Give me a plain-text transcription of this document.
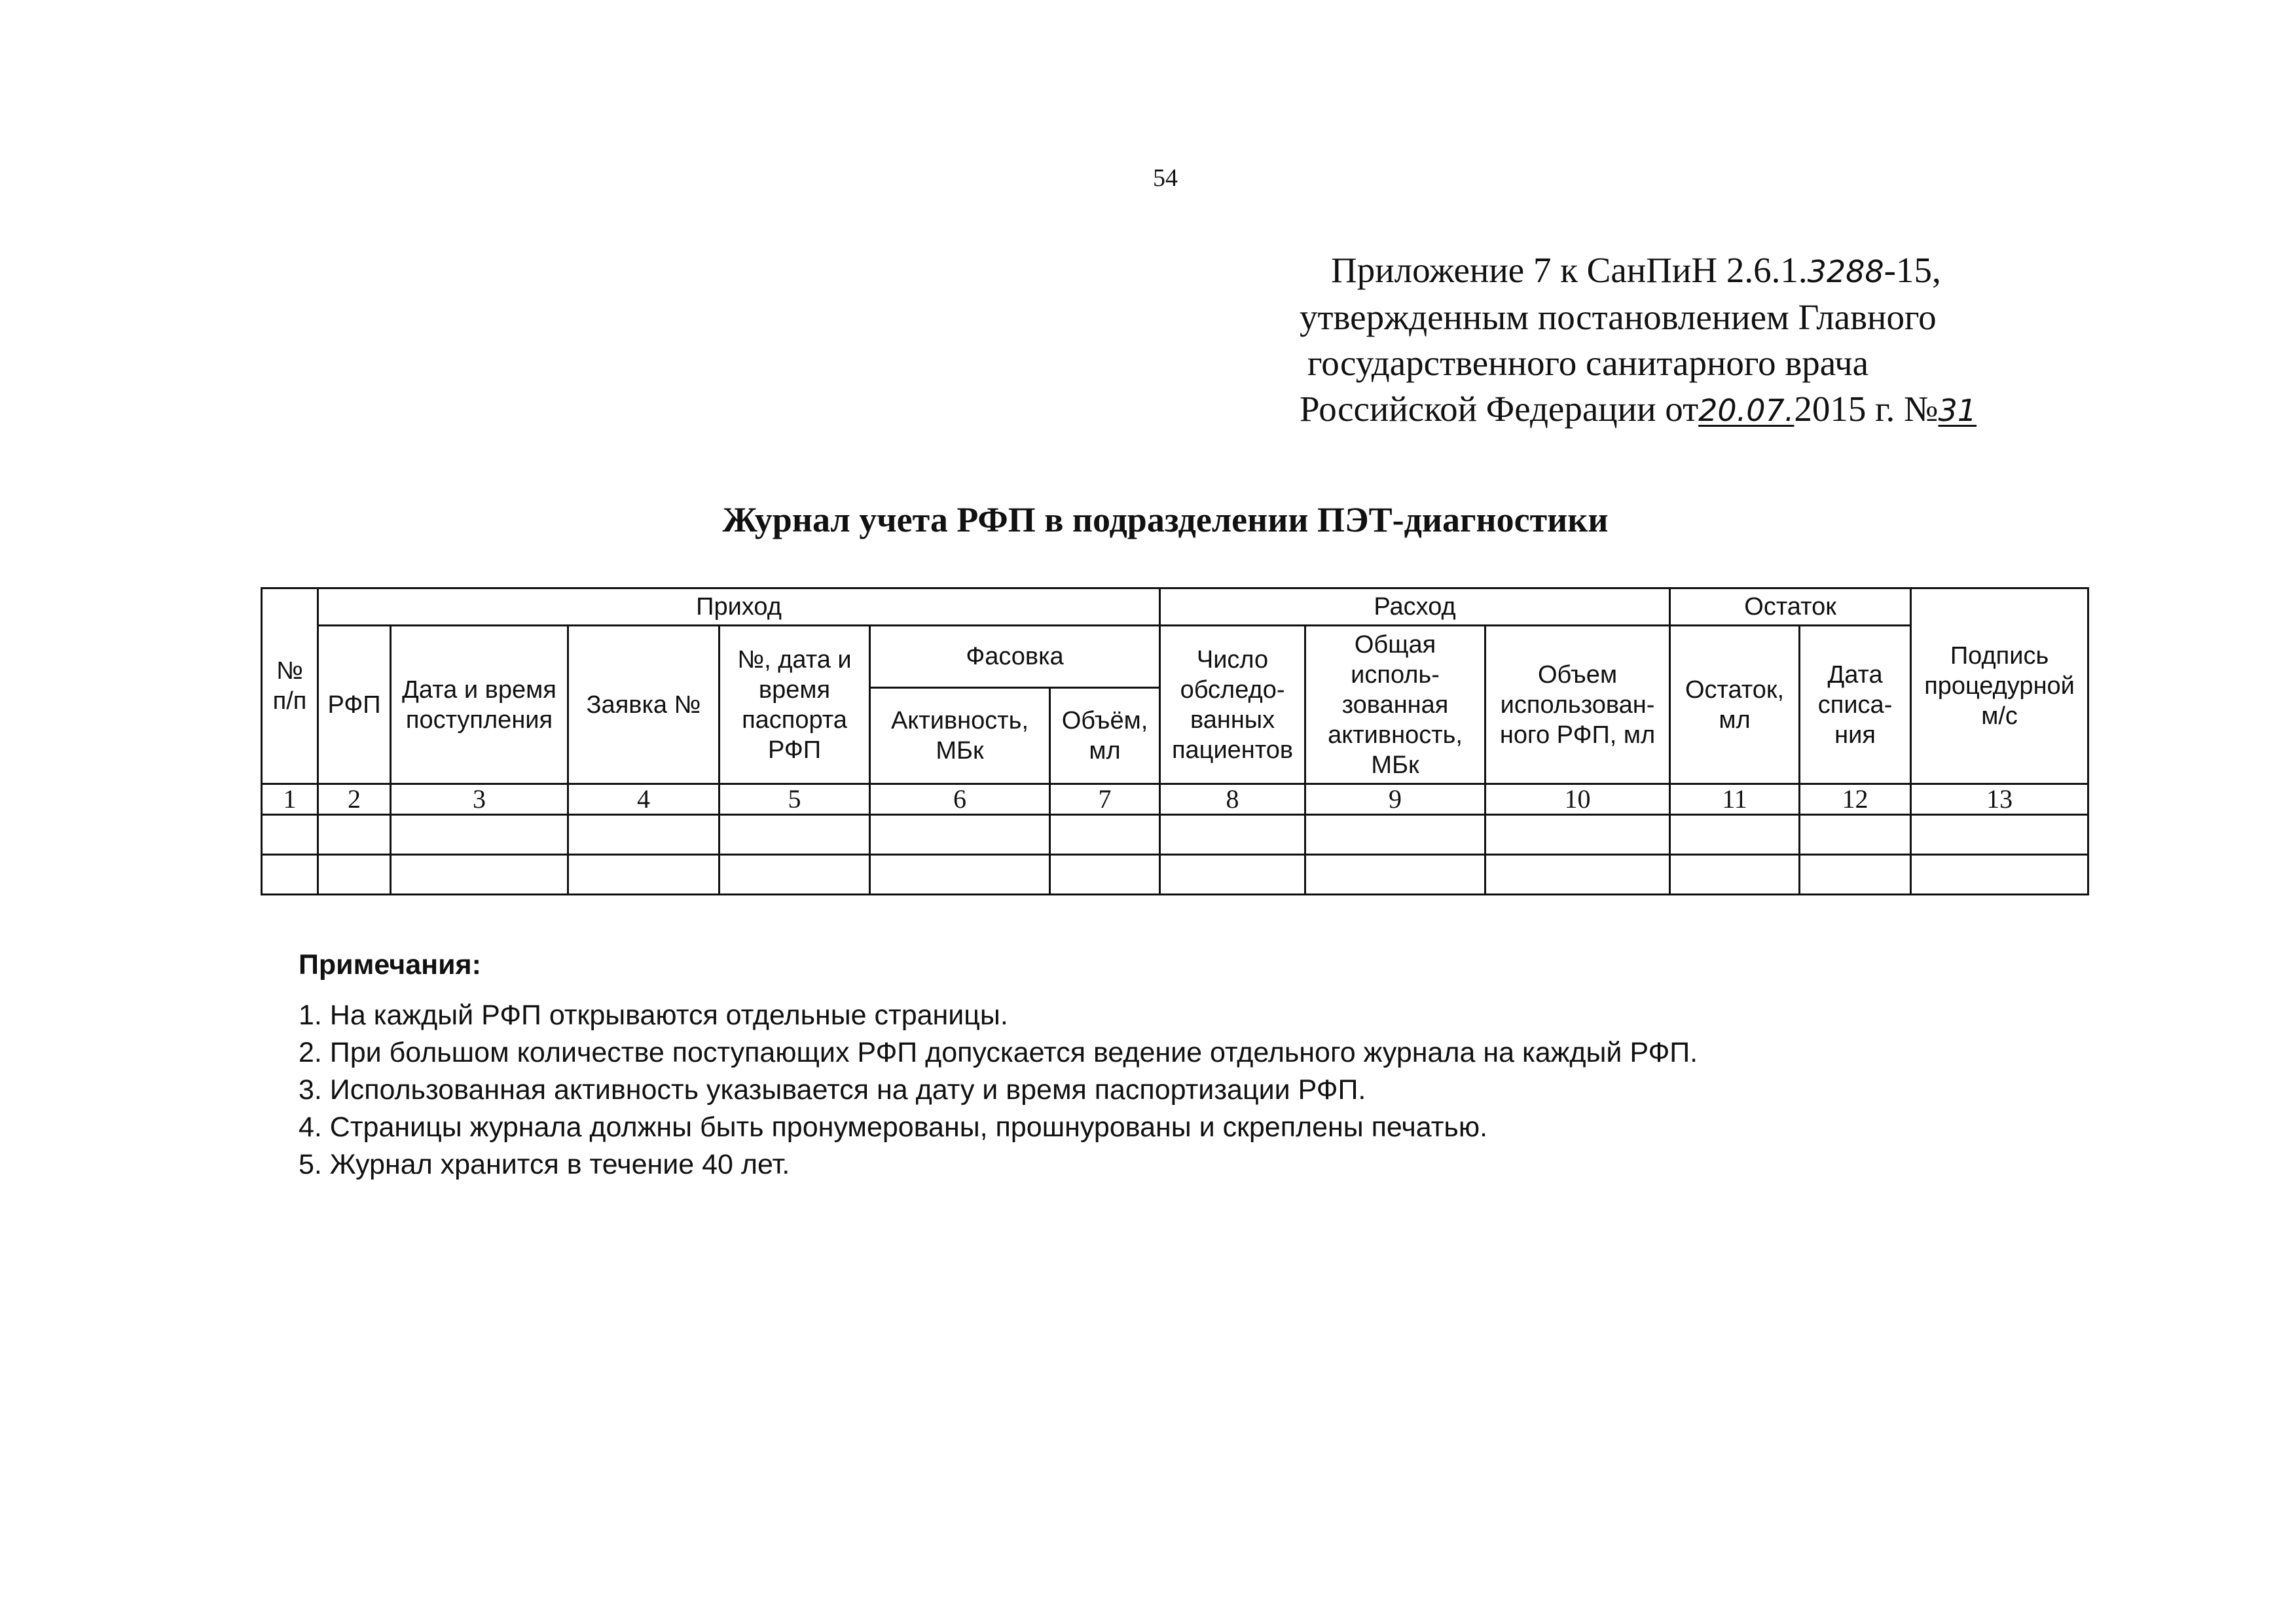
54
Приложение 7 к СанПиН 2.6.1.3288-15,
утвержденным постановлением Главного
государственного санитарного врача
Российской Федерации от20.07.2015 г. №31
Журнал учета РФП в подразделении ПЭТ-диагностики
№ п/п	Приход						Расход			Остаток		Подпись процедурной м/с
	РФП	Дата и время поступления	Заявка №	№, дата и время паспорта РФП	Фасовка		Число обследо-ванных пациентов	Общая исполь-зованная активность, МБк	Объем использован-ного РФП, мл	Остаток, мл	Дата списа-ния	
					Активность, МБк	Объём, мл						
1	2	3	4	5	6	7	8	9	10	11	12	13

Примечания:
1. На каждый РФП открываются отдельные страницы.
2. При большом количестве поступающих РФП допускается ведение отдельного журнала на каждый РФП.
3. Использованная активность указывается на дату и время паспортизации РФП.
4. Страницы журнала должны быть пронумерованы, прошнурованы и скреплены печатью.
5. Журнал хранится в течение 40 лет.
